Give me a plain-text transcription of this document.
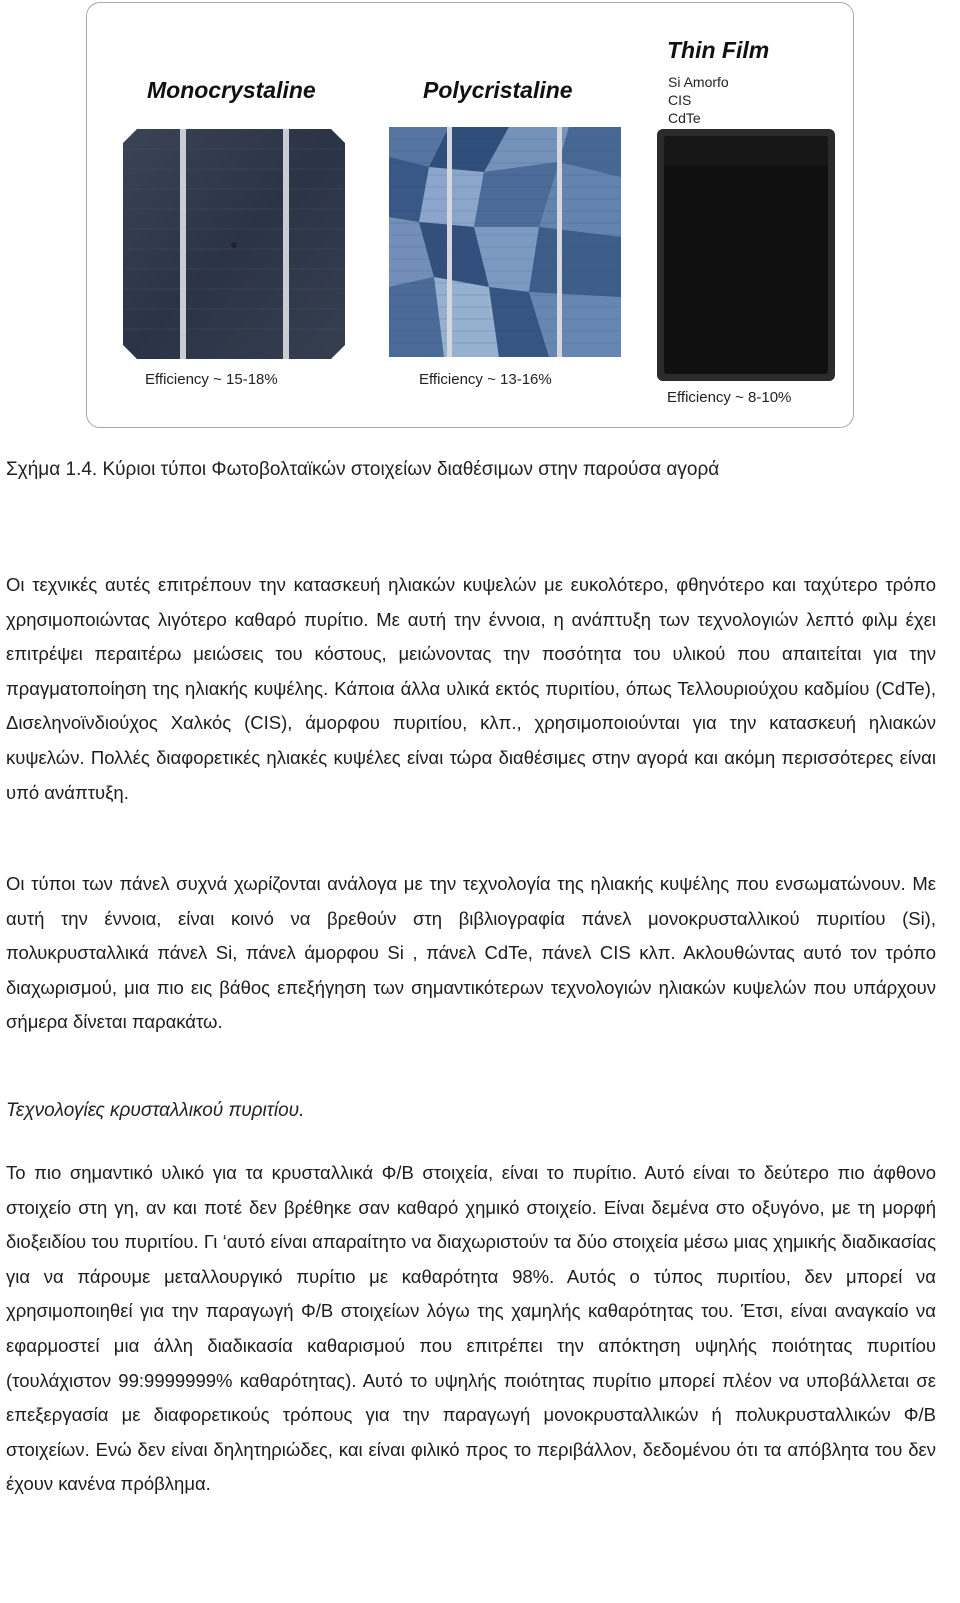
Monocrystaline	Polycristaline
Thin Film
Si Amorfo
CIS
CdTe
Efficiency ~ 15-18%	Efficiency ~ 13-16%
Efficiency ~ 8-10%
Σχήμα 1.4. Κύριοι τύποι Φωτοβολταϊκών στοιχείων διαθέσιμων στην παρούσα αγορά

Οι τεχνικές αυτές επιτρέπουν την κατασκευή ηλιακών κυψελών με ευκολότερο, φθηνότερο και ταχύτερο τρόπο χρησιμοποιώντας λιγότερο καθαρό πυρίτιο. Με αυτή την έννοια, η ανάπτυξη των τεχνολογιών λεπτό φιλμ έχει επιτρέψει περαιτέρω μειώσεις του κόστους, μειώνοντας την ποσότητα του υλικού που απαιτείται για την πραγματοποίηση της ηλιακής κυψέλης. Κάποια άλλα υλικά εκτός πυριτίου, όπως Τελλουριούχου καδμίου (CdTe), Δισεληνοϊνδιούχος Χαλκός (CIS), άμορφου πυριτίου, κλπ., χρησιμοποιούνται για την κατασκευή ηλιακών κυψελών. Πολλές διαφορετικές ηλιακές κυψέλες είναι τώρα διαθέσιμες στην αγορά και ακόμη περισσότερες είναι υπό ανάπτυξη.

Οι τύποι των πάνελ συχνά χωρίζονται ανάλογα με την τεχνολογία της ηλιακής κυψέλης που ενσωματώνουν. Με αυτή την έννοια, είναι κοινό να βρεθούν στη βιβλιογραφία πάνελ μονοκρυσταλλικού πυριτίου (Si), πολυκρυσταλλικά πάνελ Si, πάνελ άμορφου Si , πάνελ CdTe, πάνελ CIS κλπ. Ακλουθώντας αυτό τον τρόπο διαχωρισμού, μια πιο εις βάθος επεξήγηση των σημαντικότερων τεχνολογιών ηλιακών κυψελών που υπάρχουν σήμερα δίνεται παρακάτω.

Τεχνολογίες κρυσταλλικού πυριτίου.

Το πιο σημαντικό υλικό για τα κρυσταλλικά Φ/Β στοιχεία, είναι το πυρίτιο. Αυτό είναι το δεύτερο πιο άφθονο στοιχείο στη γη, αν και ποτέ δεν βρέθηκε σαν καθαρό χημικό στοιχείο. Είναι δεμένα στο οξυγόνο, με τη μορφή διοξειδίου του πυριτίου. Γι ‘αυτό είναι απαραίτητο να διαχωριστούν τα δύο στοιχεία μέσω μιας χημικής διαδικασίας για να πάρουμε μεταλλουργικό πυρίτιο με καθαρότητα 98%. Αυτός ο τύπος πυριτίου, δεν μπορεί να χρησιμοποιηθεί για την παραγωγή Φ/Β στοιχείων λόγω της χαμηλής καθαρότητας του. Έτσι, είναι αναγκαίο να εφαρμοστεί μια άλλη διαδικασία καθαρισμού που επιτρέπει την απόκτηση υψηλής ποιότητας πυριτίου (τουλάχιστον 99:9999999% καθαρότητας). Αυτό το υψηλής ποιότητας πυρίτιο μπορεί πλέον να υποβάλλεται σε επεξεργασία με διαφορετικούς τρόπους για την παραγωγή μονοκρυσταλλικών ή πολυκρυσταλλικών Φ/Β στοιχείων. Ενώ δεν είναι δηλητηριώδες, και είναι φιλικό προς το περιβάλλον, δεδομένου ότι τα απόβλητα του δεν έχουν κανένα πρόβλημα.
